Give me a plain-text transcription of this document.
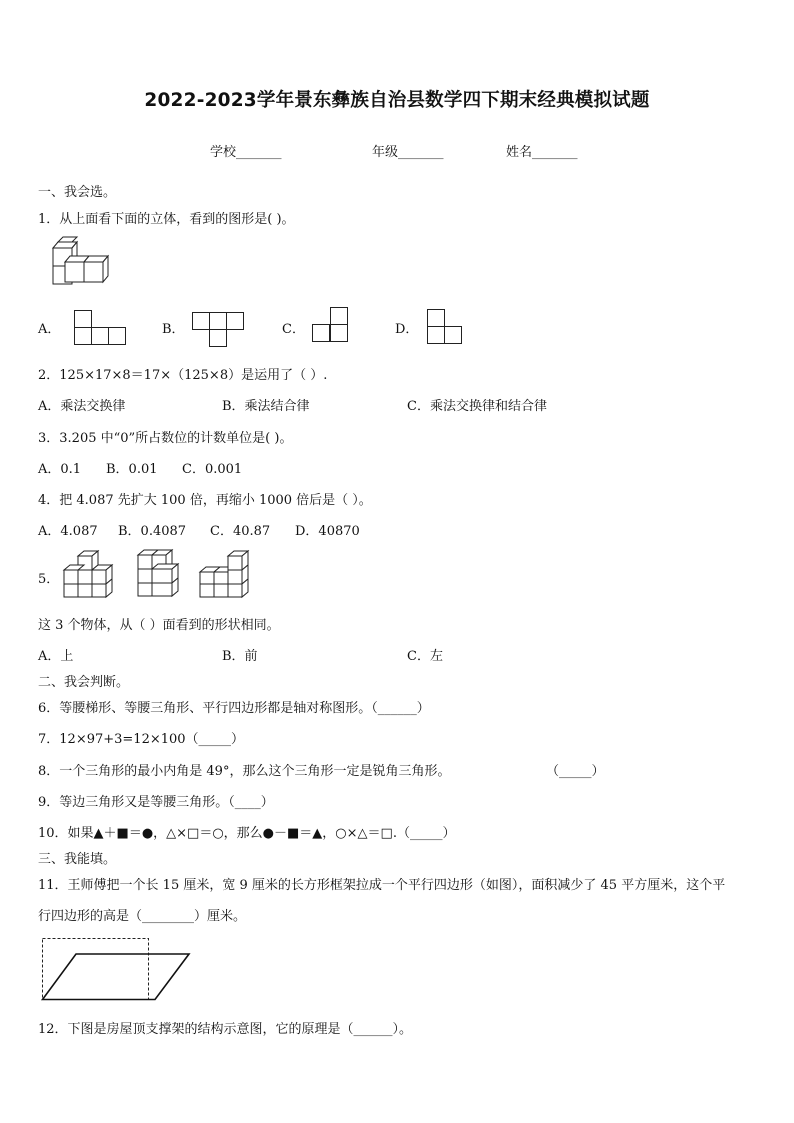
2022-2023学年景东彝族自治县数学四下期末经典模拟试题
学校_______	年级_______	姓名_______
一、我会选。
1．从上面看下面的立体，看到的图形是( )。
A．	B．	C．	D．
2．125×17×8＝17×（125×8）是运用了（ ）.
A．乘法交换律	B．乘法结合律	C．乘法交换律和结合律
3．3.205 中“0”所占数位的计数单位是( )。
A．0.1 B．0.01 C．0.001
4．把 4.087 先扩大 100 倍，再缩小 1000 倍后是（ ）。
A．4.087 B．0.4087 C．40.87 D．40870
5．
这 3 个物体，从（ ）面看到的形状相同。
A．上	B．前	C．左
二、我会判断。
6．等腰梯形、等腰三角形、平行四边形都是轴对称图形。（______）
7．12×97+3=12×100（_____）
8．一个三角形的最小内角是 49°，那么这个三角形一定是锐角三角形。	（_____）
9．等边三角形又是等腰三角形。（____）
10．如果▲＋■＝●，△×□＝○，那么●－■＝▲，○×△＝□.（_____）
三、我能填。
11．王师傅把一个长 15 厘米，宽 9 厘米的长方形框架拉成一个平行四边形（如图），面积减少了 45 平方厘米，这个平
行四边形的高是（________）厘米。
12．下图是房屋顶支撑架的结构示意图，它的原理是（______）。
